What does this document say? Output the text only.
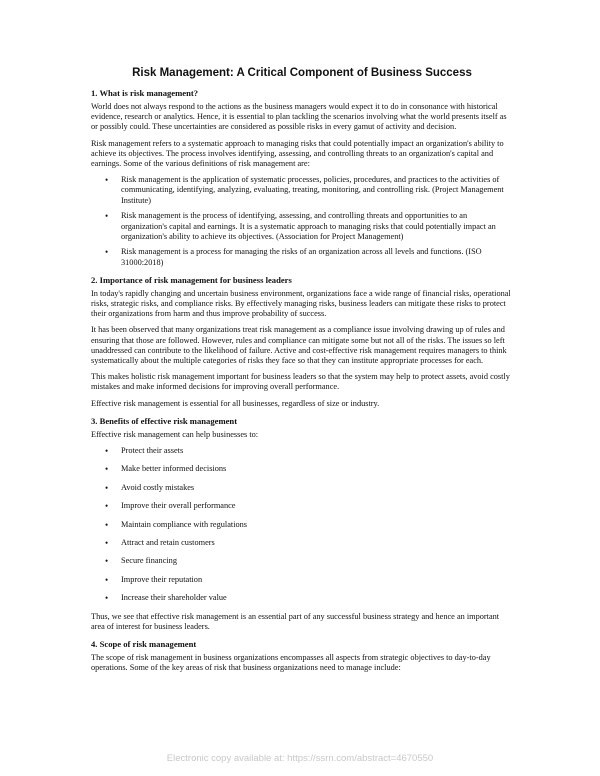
Risk Management: A Critical Component of Business Success
1. What is risk management?

World does not always respond to the actions as the business managers would expect it to do in consonance with historical evidence, research or analytics. Hence, it is essential to plan tackling the scenarios involving what the world presents itself as or possibly could. These uncertainties are considered as possible risks in every gamut of activity and decision.

Risk management refers to a systematic approach to managing risks that could potentially impact an organization's ability to achieve its objectives. The process involves identifying, assessing, and controlling threats to an organization's capital and earnings. Some of the various definitions of risk management are:

• Risk management is the application of systematic processes, policies, procedures, and practices to the activities of communicating, identifying, analyzing, evaluating, treating, monitoring, and controlling risk. (Project Management Institute)
• Risk management is the process of identifying, assessing, and controlling threats and opportunities to an organization's capital and earnings. It is a systematic approach to managing risks that could potentially impact an organization's ability to achieve its objectives. (Association for Project Management)
• Risk management is a process for managing the risks of an organization across all levels and functions. (ISO 31000:2018)
2. Importance of risk management for business leaders

In today's rapidly changing and uncertain business environment, organizations face a wide range of financial risks, operational risks, strategic risks, and compliance risks. By effectively managing risks, business leaders can mitigate these risks to protect their organizations from harm and thus improve probability of success.

It has been observed that many organizations treat risk management as a compliance issue involving drawing up of rules and ensuring that those are followed. However, rules and compliance can mitigate some but not all of the risks. The issues so left unaddressed can contribute to the likelihood of failure. Active and cost-effective risk management requires managers to think systematically about the multiple categories of risks they face so that they can institute appropriate processes for each.

This makes holistic risk management important for business leaders so that the system may help to protect assets, avoid costly mistakes and make informed decisions for improving overall performance.

Effective risk management is essential for all businesses, regardless of size or industry.

3. Benefits of effective risk management

Effective risk management can help businesses to:

• Protect their assets
• Make better informed decisions
• Avoid costly mistakes
• Improve their overall performance
• Maintain compliance with regulations
• Attract and retain customers
• Secure financing
• Improve their reputation
• Increase their shareholder value

Thus, we see that effective risk management is an essential part of any successful business strategy and hence an important area of interest for business leaders.

4. Scope of risk management

The scope of risk management in business organizations encompasses all aspects from strategic objectives to day-to-day operations. Some of the key areas of risk that business organizations need to manage include:

Electronic copy available at: https://ssrn.com/abstract=4670550
